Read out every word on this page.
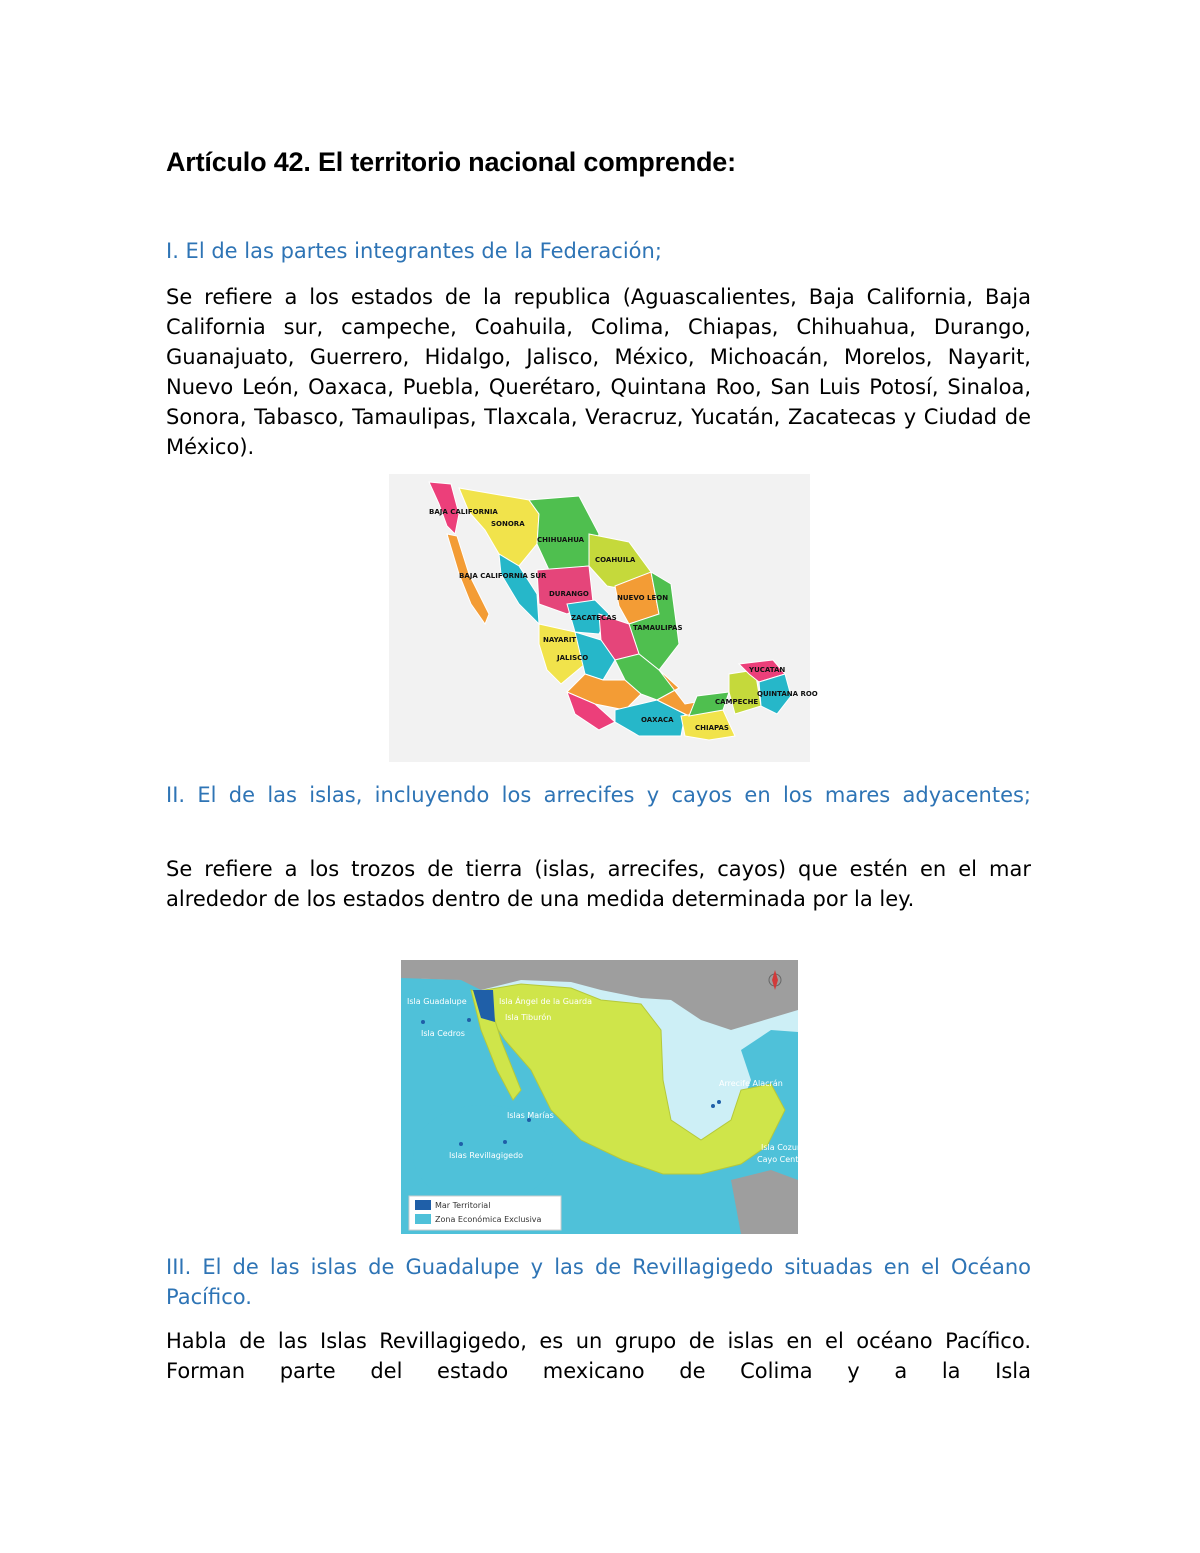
Artículo 42. El territorio nacional comprende:

I. El de las partes integrantes de la Federación;

Se refiere a los estados de la republica (Aguascalientes, Baja California, Baja California sur, campeche, Coahuila, Colima, Chiapas, Chihuahua, Durango, Guanajuato, Guerrero, Hidalgo, Jalisco, México, Michoacán, Morelos, Nayarit, Nuevo León, Oaxaca, Puebla, Querétaro, Quintana Roo, San Luis Potosí, Sinaloa, Sonora, Tabasco, Tamaulipas, Tlaxcala, Veracruz, Yucatán, Zacatecas y Ciudad de México).

BAJA CALIFORNIA
SONORA
CHIHUAHUA
COAHUILA
BAJA CALIFORNIA SUR
DURANGO	NUEVO LEON
ZACATECAS
TAMAULIPAS
NAYARIT
JALISCO
OAXACA
CHIAPAS
YUCATAN
QUINTANA ROO
CAMPECHE

II. El de las islas, incluyendo los arrecifes y cayos en los mares adyacentes;

Se refiere a los trozos de tierra (islas, arrecifes, cayos) que estén en el mar alrededor de los estados dentro de una medida determinada por la ley.

Isla Guadalupe
Isla Cedros
Isla Ángel de la Guarda
Isla Tiburón
Islas Marías
Islas Revillagigedo
Arrecife Alacrán
Isla Cozumel
Cayo Centro
Mar Territorial
Zona Económica Exclusiva

III. El de las islas de Guadalupe y las de Revillagigedo situadas en el Océano Pacífico.

Habla de las Islas Revillagigedo, es un grupo de islas en el océano Pacífico. Forman parte del estado mexicano de Colima y a la Isla
